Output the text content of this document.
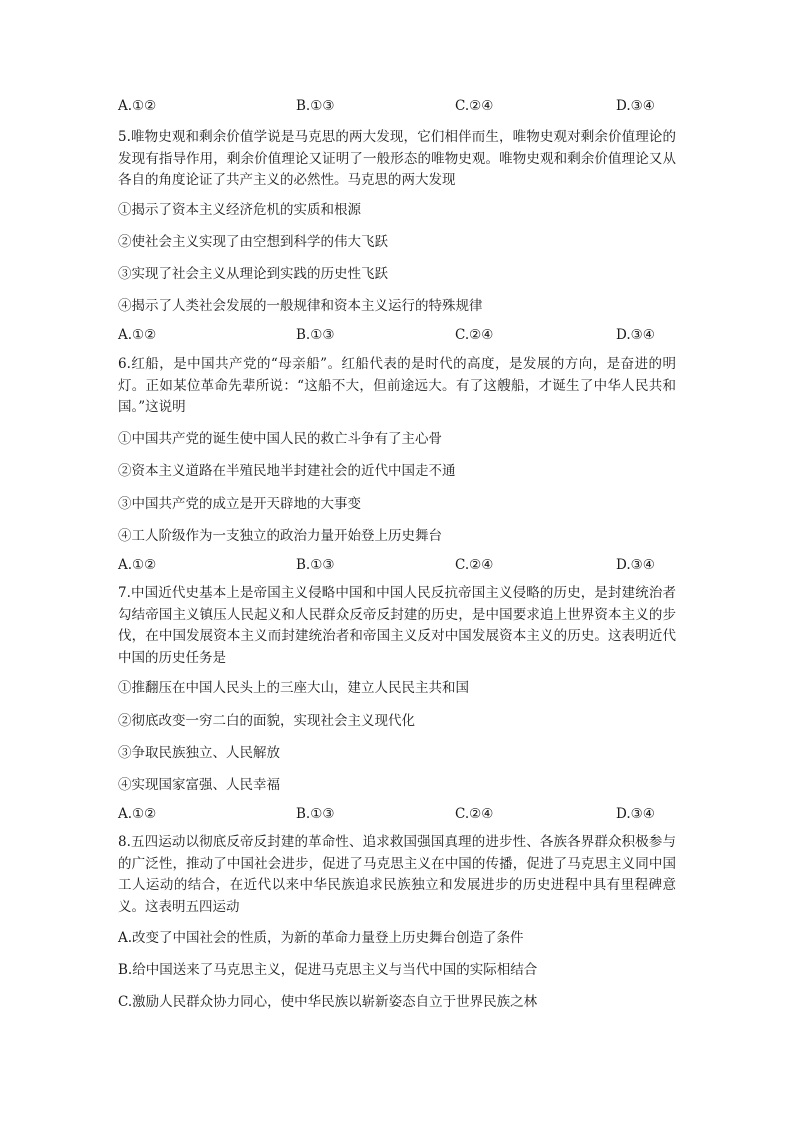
A.①②	B.①③	C.②④	D.③④

5.唯物史观和剩余价值学说是马克思的两大发现，它们相伴而生，唯物史观对剩余价值理论的发现有指导作用，剩余价值理论又证明了一般形态的唯物史观。唯物史观和剩余价值理论又从各自的角度论证了共产主义的必然性。马克思的两大发现

①揭示了资本主义经济危机的实质和根源
②使社会主义实现了由空想到科学的伟大飞跃
③实现了社会主义从理论到实践的历史性飞跃
④揭示了人类社会发展的一般规律和资本主义运行的特殊规律
A.①②	B.①③	C.②④	D.③④

6.红船，是中国共产党的“母亲船”。红船代表的是时代的高度，是发展的方向，是奋进的明灯。正如某位革命先辈所说：“这船不大，但前途远大。有了这艘船，才诞生了中华人民共和国。”这说明

①中国共产党的诞生使中国人民的救亡斗争有了主心骨
②资本主义道路在半殖民地半封建社会的近代中国走不通
③中国共产党的成立是开天辟地的大事变
④工人阶级作为一支独立的政治力量开始登上历史舞台
A.①②	B.①③	C.②④	D.③④

7.中国近代史基本上是帝国主义侵略中国和中国人民反抗帝国主义侵略的历史，是封建统治者勾结帝国主义镇压人民起义和人民群众反帝反封建的历史，是中国要求追上世界资本主义的步伐，在中国发展资本主义而封建统治者和帝国主义反对中国发展资本主义的历史。这表明近代中国的历史任务是

①推翻压在中国人民头上的三座大山，建立人民民主共和国
②彻底改变一穷二白的面貌，实现社会主义现代化
③争取民族独立、人民解放
④实现国家富强、人民幸福
A.①②	B.①③	C.②④	D.③④

8.五四运动以彻底反帝反封建的革命性、追求救国强国真理的进步性、各族各界群众积极参与的广泛性，推动了中国社会进步，促进了马克思主义在中国的传播，促进了马克思主义同中国工人运动的结合，在近代以来中华民族追求民族独立和发展进步的历史进程中具有里程碑意义。这表明五四运动

A.改变了中国社会的性质，为新的革命力量登上历史舞台创造了条件
B.给中国送来了马克思主义，促进马克思主义与当代中国的实际相结合
C.激励人民群众协力同心，使中华民族以崭新姿态自立于世界民族之林
